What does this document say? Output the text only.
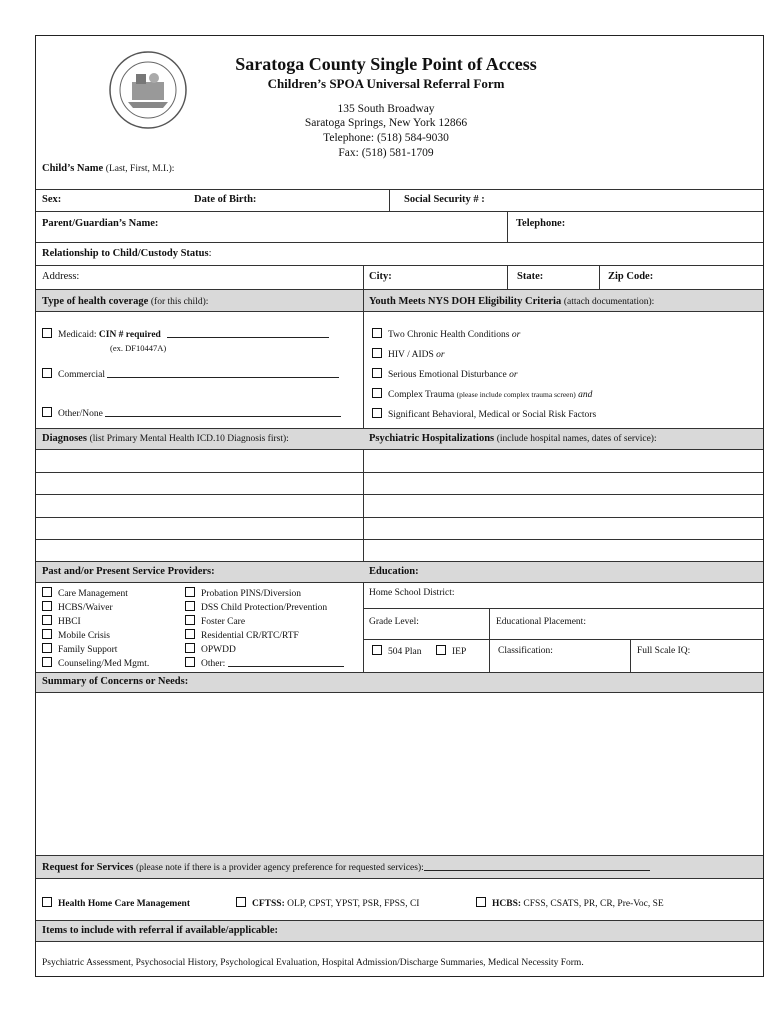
Saratoga County Single Point of Access
Children’s SPOA Universal Referral Form
135 South Broadway
Saratoga Springs, New York 12866
Telephone: (518) 584-9030
Fax: (518) 581-1709
Child’s Name (Last, First, M.I.):
Sex:	Date of Birth:	Social Security # :
Parent/Guardian’s Name:	Telephone:
Relationship to Child/Custody Status:
Address:	City:	State:	Zip Code:
Type of health coverage (for this child):	Youth Meets NYS DOH Eligibility Criteria (attach documentation):
Medicaid: CIN # required
(ex. DF10447A)
Commercial
Other/None
Two Chronic Health Conditions or
HIV / AIDS or
Serious Emotional Disturbance or
Complex Trauma (please include complex trauma screen) and
Significant Behavioral, Medical or Social Risk Factors
Diagnoses (list Primary Mental Health ICD.10 Diagnosis first):	Psychiatric Hospitalizations (include hospital names, dates of service):
Past and/or Present Service Providers:	Education:
Care Management
HCBS/Waiver
HBCI
Mobile Crisis
Family Support
Counseling/Med Mgmt.
Probation PINS/Diversion
DSS Child Protection/Prevention
Foster Care
Residential CR/RTC/RTF
OPWDD
Other:
Home School District:
Grade Level:	Educational Placement:
504 Plan	IEP	Classification:	Full Scale IQ:
Summary of Concerns or Needs:
Request for Services (please note if there is a provider agency preference for requested services):
Health Home Care Management	CFTSS: OLP, CPST, YPST, PSR, FPSS, CI	HCBS: CFSS, CSATS, PR, CR, Pre-Voc, SE
Items to include with referral if available/applicable:
Psychiatric Assessment, Psychosocial History, Psychological Evaluation, Hospital Admission/Discharge Summaries, Medical Necessity Form.
